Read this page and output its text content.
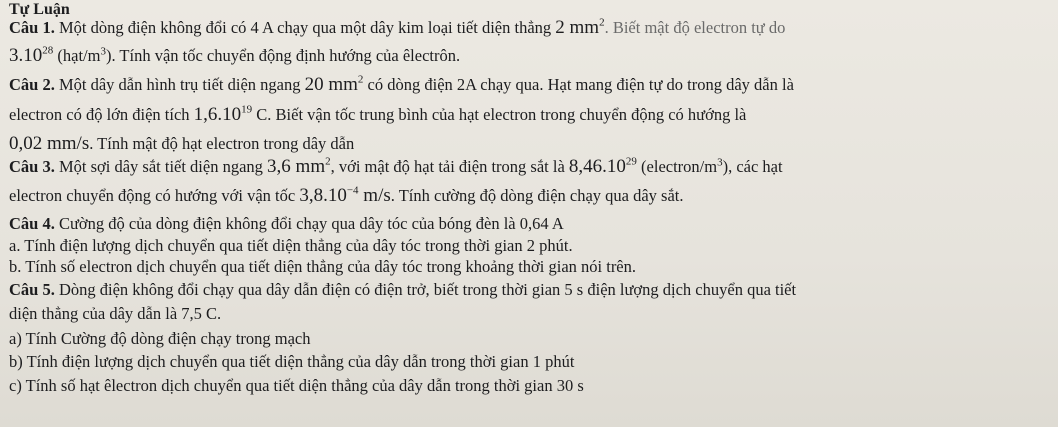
Tự Luận
Câu 1. Một dòng điện không đổi có 4 A chạy qua một dây kim loại tiết diện thẳng 2 $mm^2$. Biết mật độ electron tự do
3.10$^{28}$ $(hạt/m^3)$. Tính vận tốc chuyển động định hướng của êlectrôn.
Câu 2. Một dây dẫn hình trụ tiết diện ngang 20 $mm^2$ có dòng điện 2A chạy qua. Hạt mang điện tự do trong dây dẫn là
electron có độ lớn điện tích 1,6.10$^{19}$ C. Biết vận tốc trung bình của hạt electron trong chuyển động có hướng là
0,02 mm/s. Tính mật độ hạt electron trong dây dẫn
Câu 3. Một sợi dây sắt tiết diện ngang 3,6 $mm^2$, với mật độ hạt tải điện trong sắt là 8,46.10$^{29}$ $(electron/m^3)$, các hạt
electron chuyển động có hướng với vận tốc $3,8.10^{-4}$ m/s. Tính cường độ dòng điện chạy qua dây sắt.
Câu 4. Cường độ của dòng điện không đổi chạy qua dây tóc của bóng đèn là 0,64 A
a. Tính điện lượng dịch chuyển qua tiết diện thẳng của dây tóc trong thời gian 2 phút.
b. Tính số electron dịch chuyển qua tiết diện thẳng của dây tóc trong khoảng thời gian nói trên.
Câu 5. Dòng điện không đổi chạy qua dây dẫn điện có điện trở, biết trong thời gian 5 s điện lượng dịch chuyển qua tiết
diện thẳng của dây dẫn là 7,5 C.
a) Tính Cường độ dòng điện chạy trong mạch
b) Tính điện lượng dịch chuyển qua tiết diện thẳng của dây dẫn trong thời gian 1 phút
c) Tính số hạt êlectron dịch chuyển qua tiết diện thẳng của dây dẫn trong thời gian 30 s
